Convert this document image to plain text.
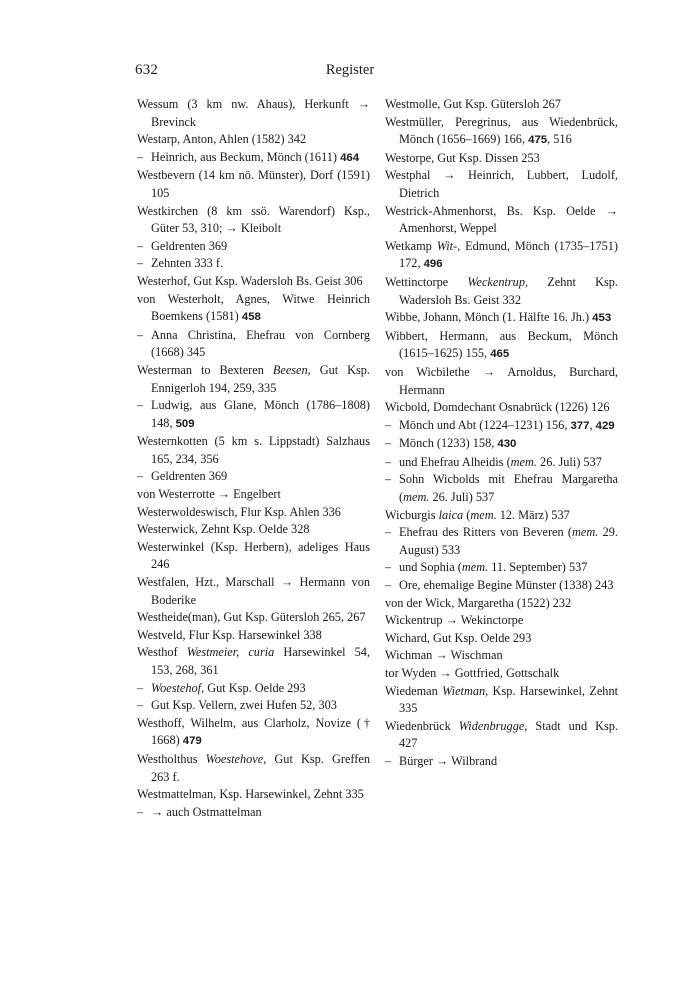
632	Register
Wessum (3 km nw. Ahaus), Herkunft → Brevinck
Westarp, Anton, Ahlen (1582) 342
– Heinrich, aus Beckum, Mönch (1611) 464
Westbevern (14 km nö. Münster), Dorf (1591) 105
Westkirchen (8 km ssö. Warendorf) Ksp., Güter 53, 310; → Kleibolt
– Geldrenten 369
– Zehnten 333 f.
Westerhof, Gut Ksp. Wadersloh Bs. Geist 306
von Westerholt, Agnes, Witwe Heinrich Boemkens (1581) 458
– Anna Christina, Ehefrau von Cornberg (1668) 345
Westerman to Bexteren Beesen, Gut Ksp. Ennigerloh 194, 259, 335
– Ludwig, aus Glane, Mönch (1786–1808) 148, 509
Westernkotten (5 km s. Lippstadt) Salzhaus 165, 234, 356
– Geldrenten 369
von Westerrotte → Engelbert
Westerwoldeswisch, Flur Ksp. Ahlen 336
Westerwick, Zehnt Ksp. Oelde 328
Westerwinkel (Ksp. Herbern), adeliges Haus 246
Westfalen, Hzt., Marschall → Hermann von Boderike
Westheide(man), Gut Ksp. Gütersloh 265, 267
Westveld, Flur Ksp. Harsewinkel 338
Westhof Westmeier, curia Harsewinkel 54, 153, 268, 361
– Woestehof, Gut Ksp. Oelde 293
– Gut Ksp. Vellern, zwei Hufen 52, 303
Westhoff, Wilhelm, aus Clarholz, Novize († 1668) 479
Westholthus Woestehove, Gut Ksp. Greffen 263 f.
Westmattelman, Ksp. Harsewinkel, Zehnt 335
– → auch Ostmattelman
Westmolle, Gut Ksp. Gütersloh 267
Westmüller, Peregrinus, aus Wiedenbrück, Mönch (1656–1669) 166, 475, 516
Westorpe, Gut Ksp. Dissen 253
Westphal → Heinrich, Lubbert, Ludolf, Dietrich
Westrick-Ahmenhorst, Bs. Ksp. Oelde → Amenhorst, Weppel
Wetkamp Wit-, Edmund, Mönch (1735–1751) 172, 496
Wettinctorpe Weckentrup, Zehnt Ksp. Wadersloh Bs. Geist 332
Wibbe, Johann, Mönch (1. Hälfte 16. Jh.) 453
Wibbert, Hermann, aus Beckum, Mönch (1615–1625) 155, 465
von Wicbilethe → Arnoldus, Burchard, Hermann
Wicbold, Domdechant Osnabrück (1226) 126
– Mönch und Abt (1224–1231) 156, 377, 429
– Mönch (1233) 158, 430
– und Ehefrau Alheidis (mem. 26. Juli) 537
– Sohn Wicbolds mit Ehefrau Margaretha (mem. 26. Juli) 537
Wicburgis laica (mem. 12. März) 537
– Ehefrau des Ritters von Beveren (mem. 29. August) 533
– und Sophia (mem. 11. September) 537
– Ore, ehemalige Begine Münster (1338) 243
von der Wick, Margaretha (1522) 232
Wickentrup → Wekinctorpe
Wichard, Gut Ksp. Oelde 293
Wichman → Wischman
tor Wyden → Gottfried, Gottschalk
Wiedeman Wietman, Ksp. Harsewinkel, Zehnt 335
Wiedenbrück Widenbrugge, Stadt und Ksp. 427
– Bürger → Wilbrand
